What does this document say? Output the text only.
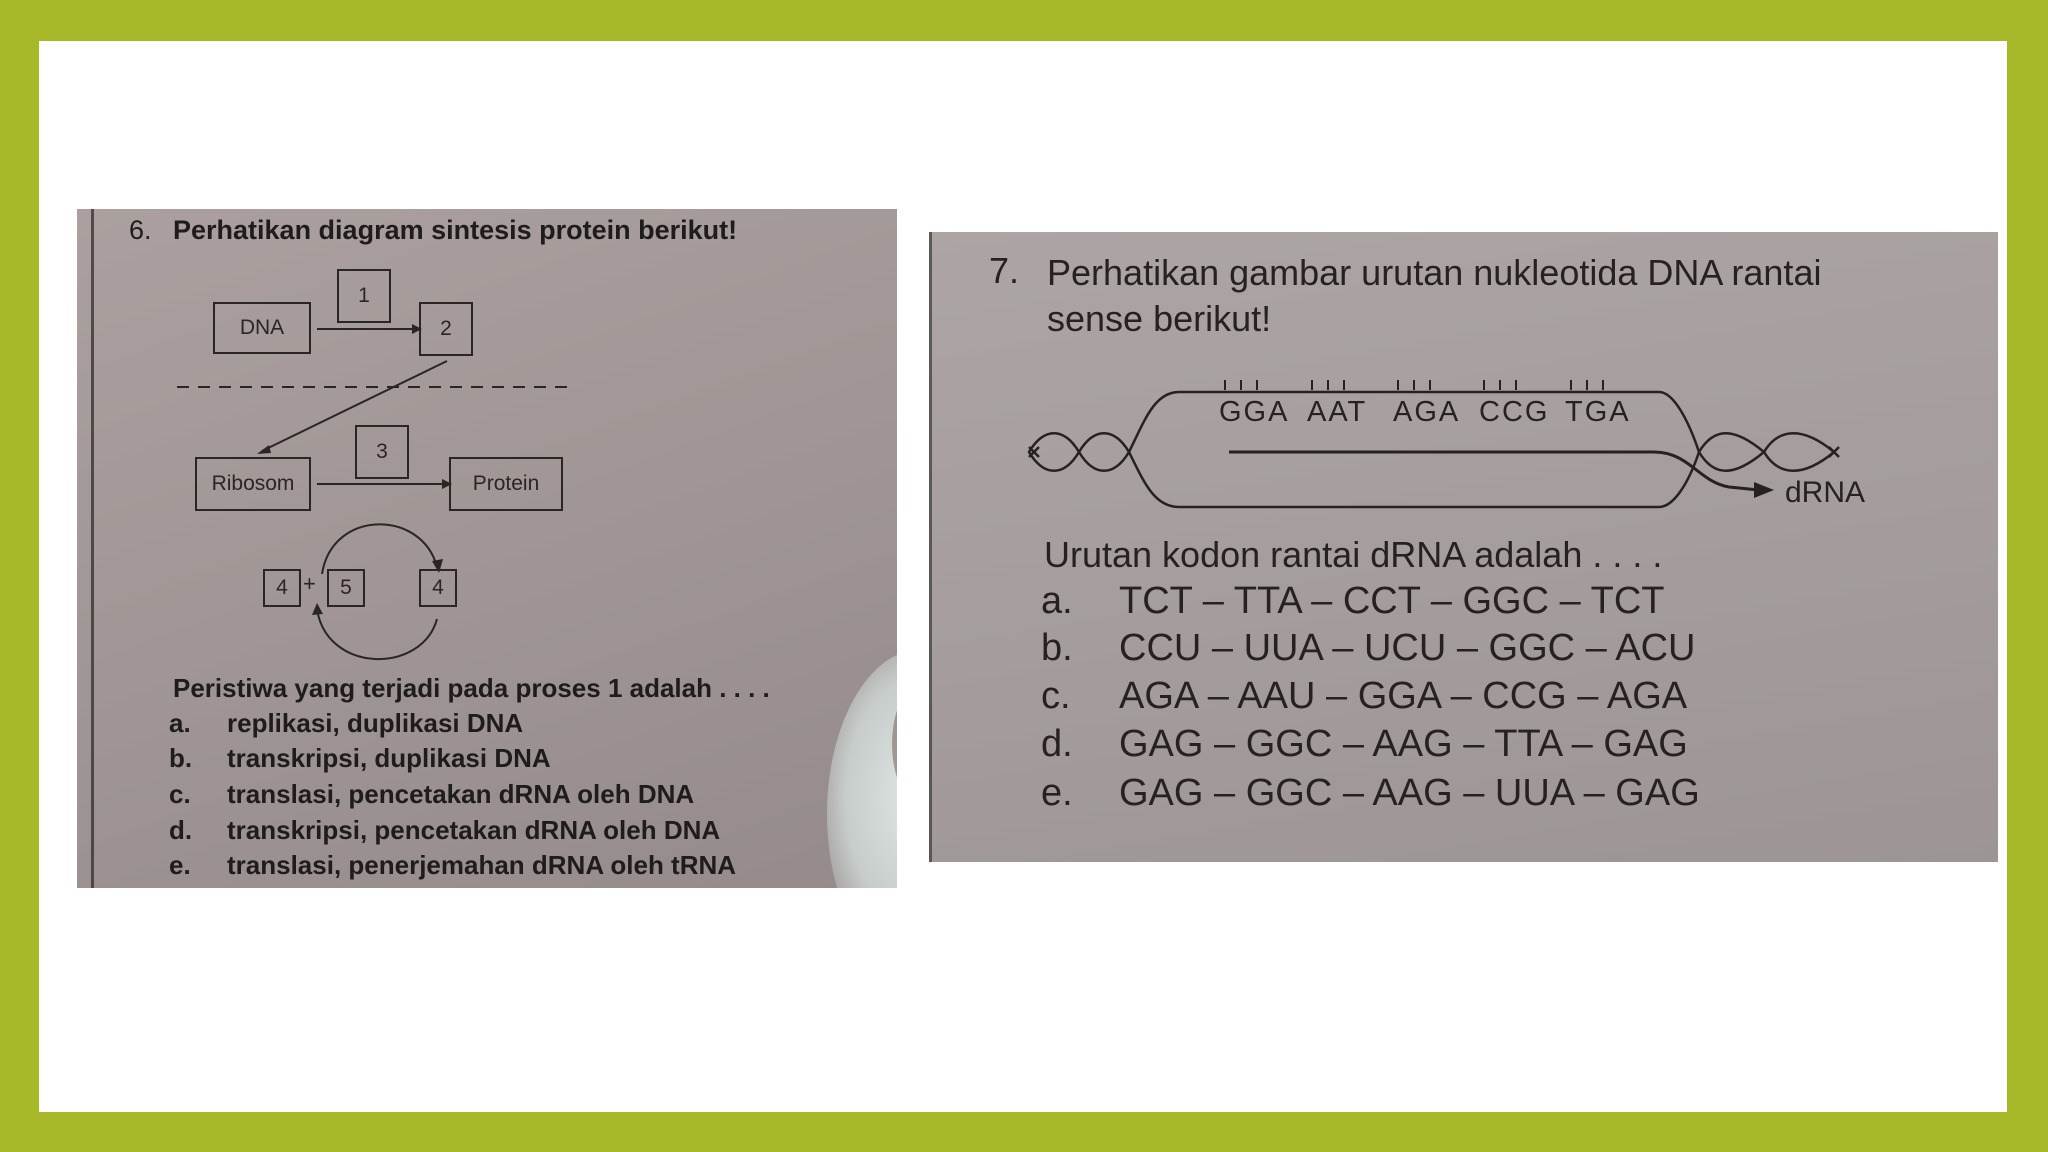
6. Perhatikan diagram sintesis protein berikut!
DNA
1
2
3
Ribosom	Protein
4 +	5	4
Peristiwa yang terjadi pada proses 1 adalah . . . .
a. replikasi, duplikasi DNA
b. transkripsi, duplikasi DNA
c. translasi, pencetakan dRNA oleh DNA
d. transkripsi, pencetakan dRNA oleh DNA
e. translasi, penerjemahan dRNA oleh tRNA
7. Perhatikan gambar urutan nukleotida DNA rantai
sense berikut!
GGA AAT AGA CCG TGA
dRNA
Urutan kodon rantai dRNA adalah . . . .
a. TCT – TTA – CCT – GGC – TCT
b. CCU – UUA – UCU – GGC – ACU
c. AGA – AAU – GGA – CCG – AGA
d. GAG – GGC – AAG – TTA – GAG
e. GAG – GGC – AAG – UUA – GAG
